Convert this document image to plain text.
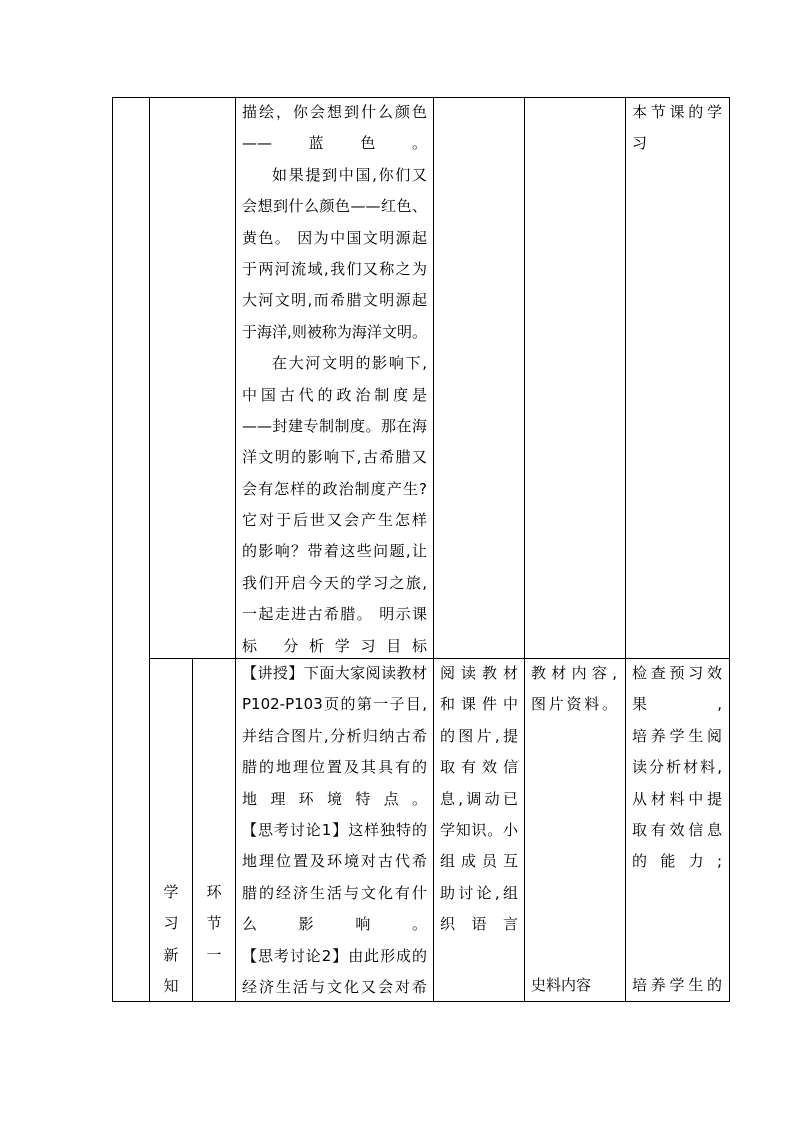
描绘，你会想到什么颜色
——蓝色。
如果提到中国,你们又
会想到什么颜色——红色、
黄色。 因为中国文明源起
于两河流域,我们又称之为
大河文明,而希腊文明源起
于海洋,则被称为海洋文明。
在大河文明的影响下,
中国古代的政治制度是
——封建专制制度。那在海
洋文明的影响下,古希腊又
会有怎样的政治制度产生?
它对于后世又会产生怎样
的影响？带着这些问题,让
我们开启今天的学习之旅,
一起走进古希腊。 明示课
标 分析学习目标
本节课的学
习
学
习
新
知
环
节
一
【讲授】下面大家阅读教材
P102-P103页的第一子目,
并结合图片,分析归纳古希
腊的地理位置及其具有的
地理环境特点。
【思考讨论1】这样独特的
地理位置及环境对古代希
腊的经济生活与文化有什
么影响。
【思考讨论2】由此形成的
经济生活与文化又会对希
阅读教材
和课件中
的图片,提
取有效信
息,调动已
学知识。小
组成员互
助讨论,组
织语言
教材内容,
图片资料。
史料内容
检查预习效
果,
培养学生阅
读分析材料,
从材料中提
取有效信息
的能力;
培养学生的
